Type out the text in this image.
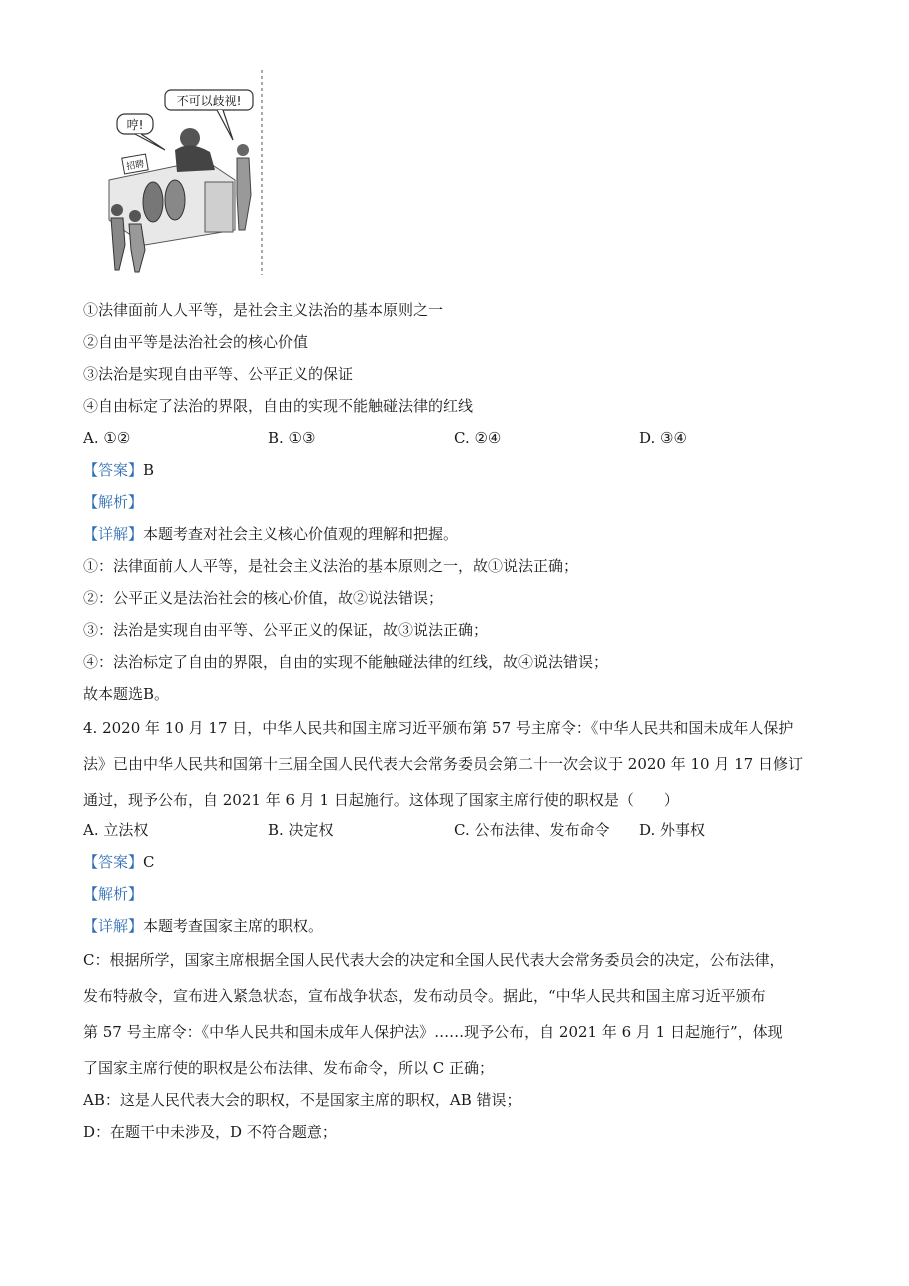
不可以歧视!
哼!
招聘
①法律面前人人平等，是社会主义法治的基本原则之一
②自由平等是法治社会的核心价值
③法治是实现自由平等、公平正义的保证
④自由标定了法治的界限，自由的实现不能触碰法律的红线
A. ①②	B. ①③	C. ②④	D. ③④
【答案】B
【解析】
【详解】本题考查对社会主义核心价值观的理解和把握。
①：法律面前人人平等，是社会主义法治的基本原则之一，故①说法正确；
②：公平正义是法治社会的核心价值，故②说法错误；
③：法治是实现自由平等、公平正义的保证，故③说法正确；
④：法治标定了自由的界限，自由的实现不能触碰法律的红线，故④说法错误；
故本题选B。
4. 2020 年 10 月 17 日，中华人民共和国主席习近平颁布第 57 号主席令：《中华人民共和国未成年人保护
法》已由中华人民共和国第十三届全国人民代表大会常务委员会第二十一次会议于 2020 年 10 月 17 日修订
通过，现予公布，自 2021 年 6 月 1 日起施行。这体现了国家主席行使的职权是（　　）
A. 立法权	B. 决定权	C. 公布法律、发布命令 D. 外事权
【答案】C
【解析】
【详解】本题考查国家主席的职权。
C：根据所学，国家主席根据全国人民代表大会的决定和全国人民代表大会常务委员会的决定，公布法律，
发布特赦令，宣布进入紧急状态，宣布战争状态，发布动员令。据此，“中华人民共和国主席习近平颁布
第 57 号主席令：《中华人民共和国未成年人保护法》……现予公布，自 2021 年 6 月 1 日起施行”，体现
了国家主席行使的职权是公布法律、发布命令，所以 C 正确；
AB：这是人民代表大会的职权，不是国家主席的职权，AB 错误；
D：在题干中未涉及，D 不符合题意；
